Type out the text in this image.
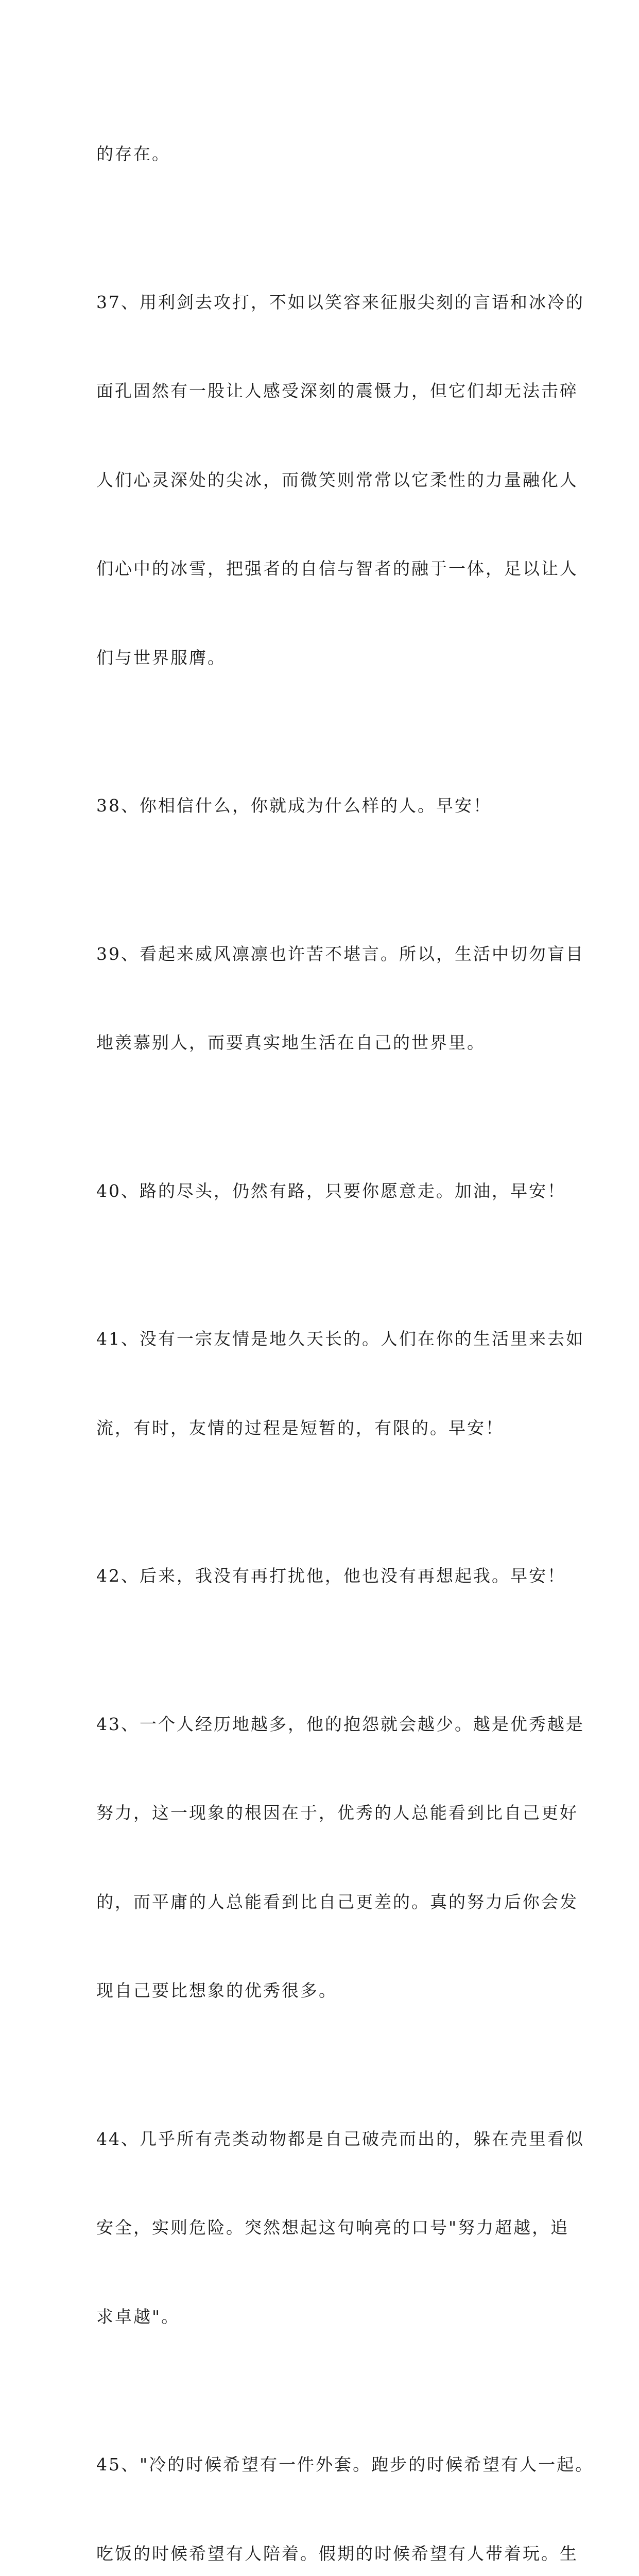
的存在。

37、用利剑去攻打，不如以笑容来征服尖刻的言语和冰冷的

面孔固然有一股让人感受深刻的震慑力，但它们却无法击碎

人们心灵深处的尖冰，而微笑则常常以它柔性的力量融化人

们心中的冰雪，把强者的自信与智者的融于一体，足以让人

们与世界服膺。

38、你相信什么，你就成为什么样的人。早安！

39、看起来威风凛凛也许苦不堪言。所以，生活中切勿盲目

地羡慕别人，而要真实地生活在自己的世界里。

40、路的尽头，仍然有路，只要你愿意走。加油，早安！

41、没有一宗友情是地久天长的。人们在你的生活里来去如

流，有时，友情的过程是短暂的，有限的。早安！

42、后来，我没有再打扰他，他也没有再想起我。早安！

43、一个人经历地越多，他的抱怨就会越少。越是优秀越是

努力，这一现象的根因在于，优秀的人总能看到比自己更好

的，而平庸的人总能看到比自己更差的。真的努力后你会发

现自己要比想象的优秀很多。

44、几乎所有壳类动物都是自己破壳而出的，躲在壳里看似

安全，实则危险。突然想起这句响亮的口号"努力超越，追

求卓越"。

45、"冷的时候希望有一件外套。跑步的时候希望有人一起。

吃饭的时候希望有人陪着。假期的时候希望有人带着玩。生
